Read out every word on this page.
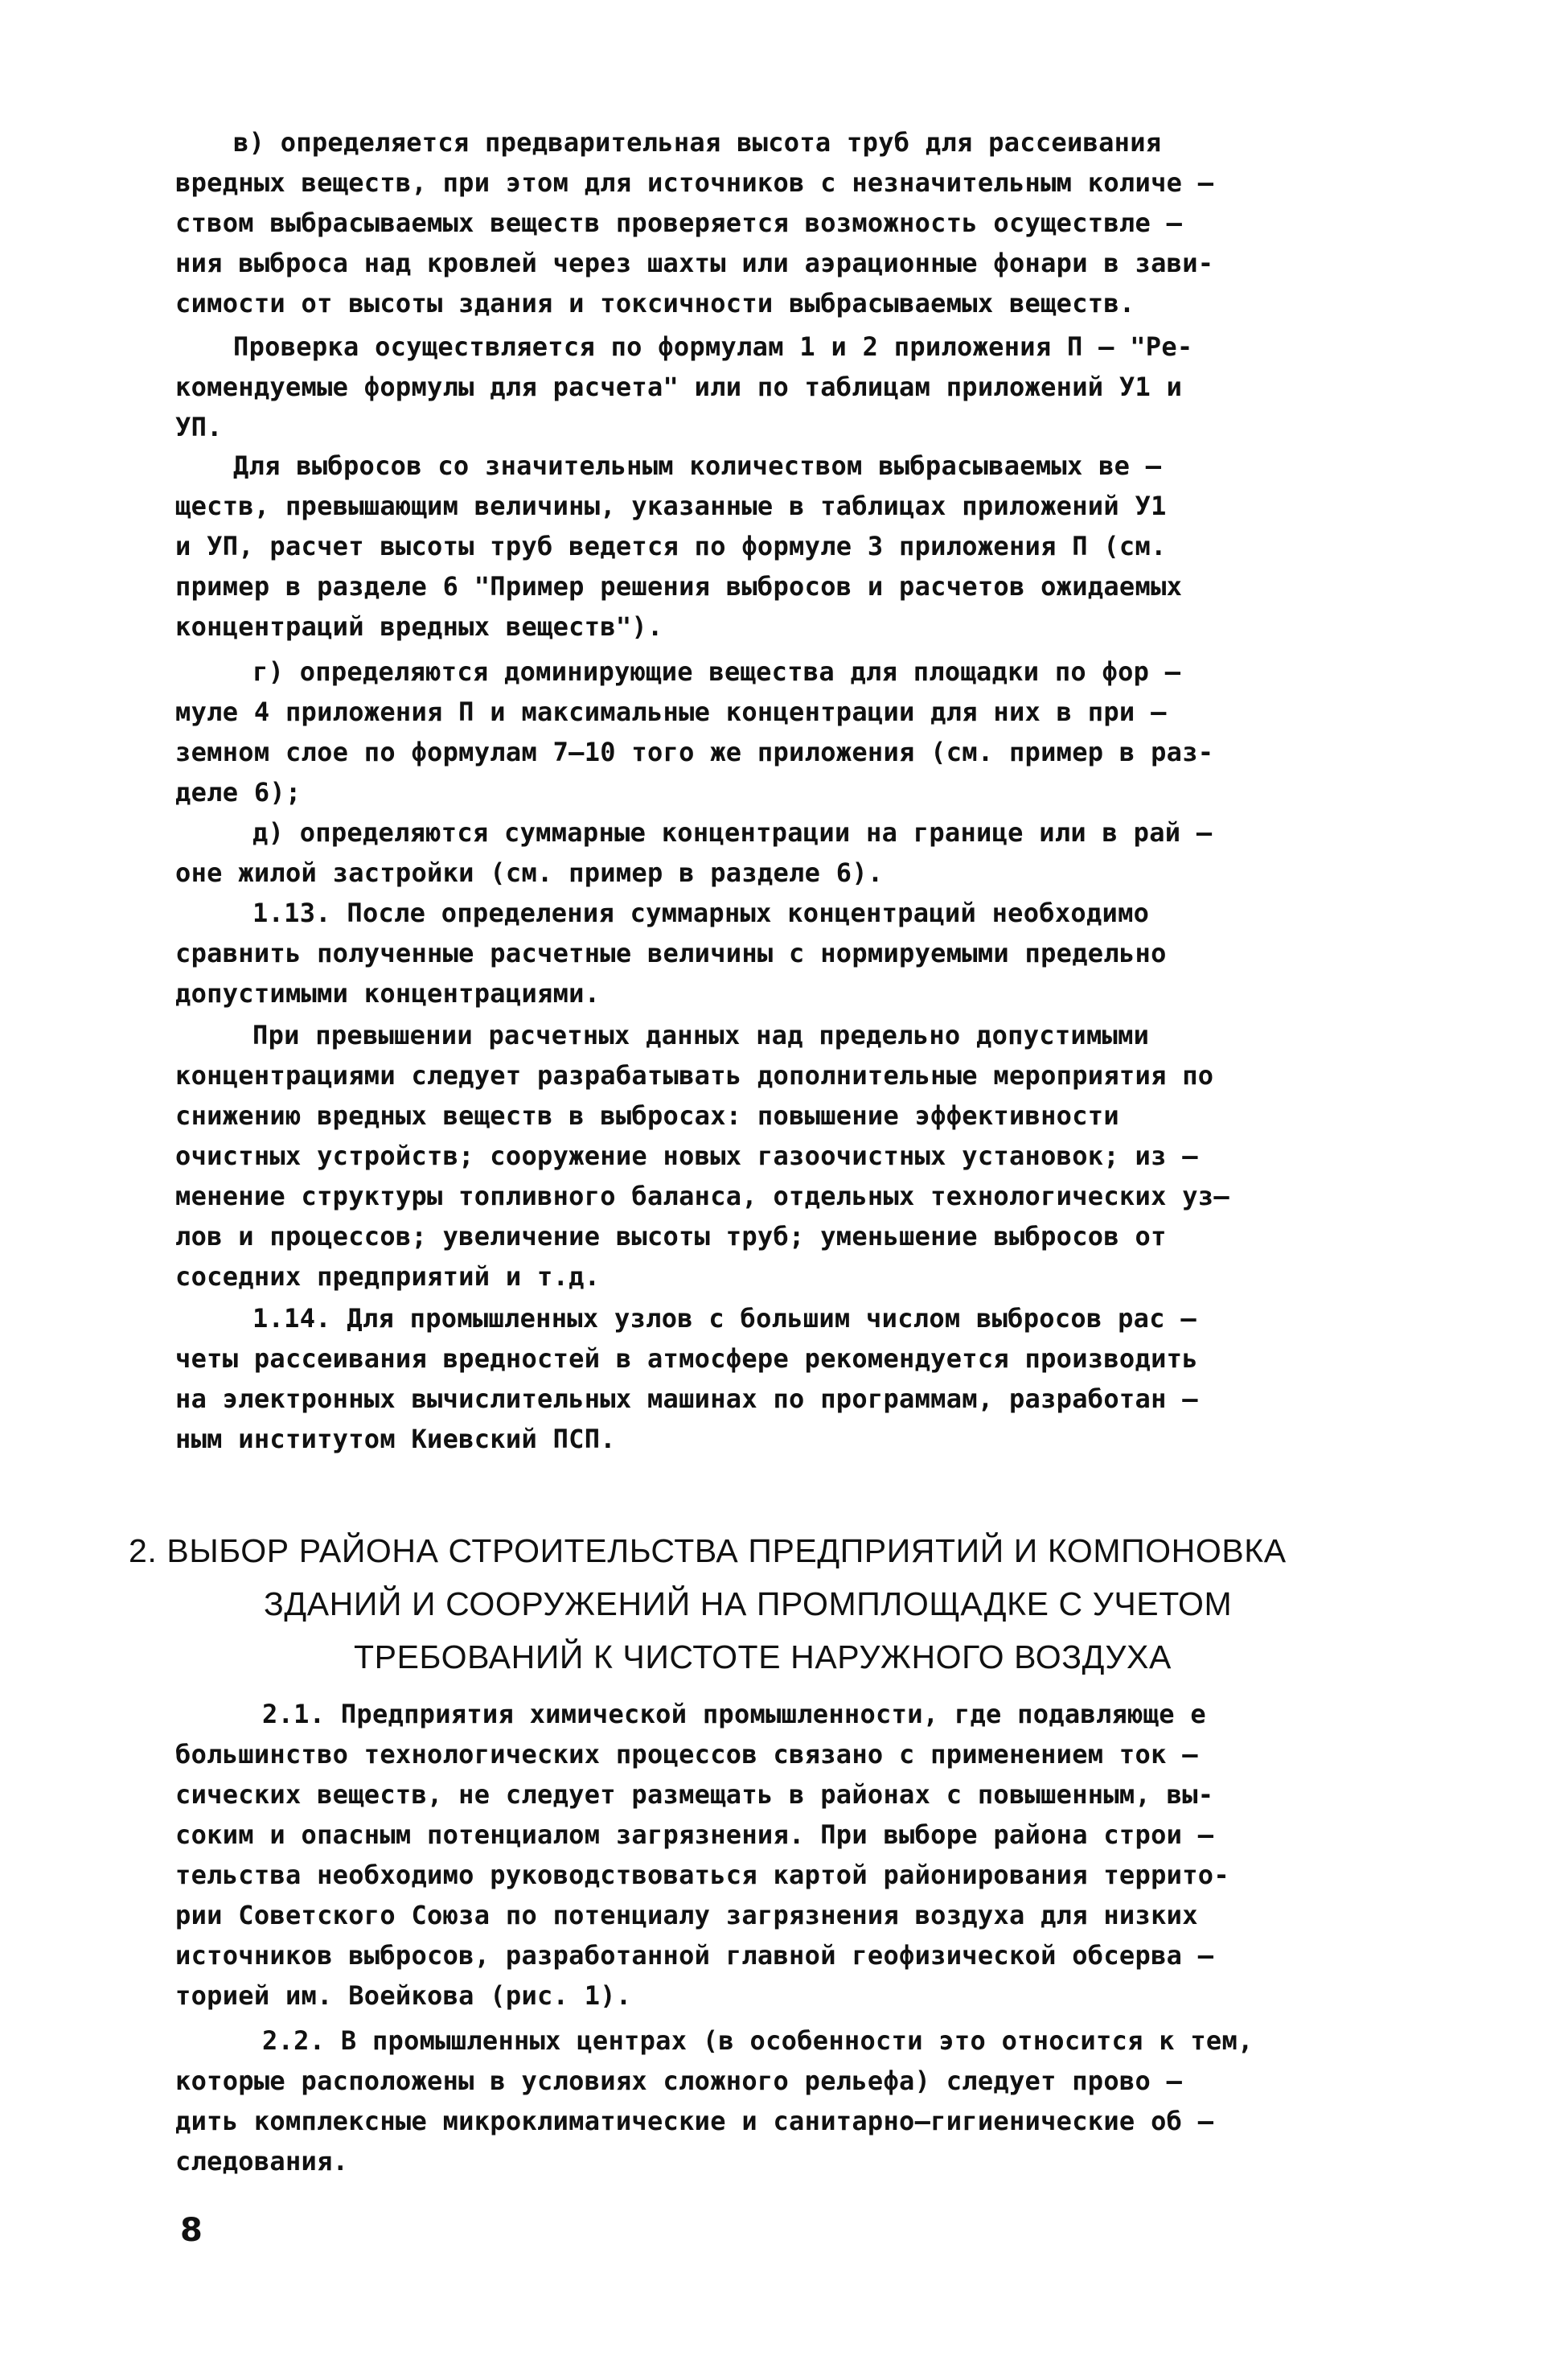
в) определяется предварительная высота труб для рассеивания
вредных веществ, при этом для источников с незначительным количе –
ством выбрасываемых веществ проверяется возможность осуществле –
ния выброса над кровлей через шахты или аэрационные фонари в зави-
симости от высоты здания и токсичности выбрасываемых веществ.
Проверка осуществляется по формулам 1 и 2 приложения П – "Ре-
комендуемые формулы для расчета" или по таблицам приложений У1 и
УП.
Для выбросов со значительным количеством выбрасываемых ве –
ществ, превышающим величины, указанные в таблицах приложений У1
и УП, расчет высоты труб ведется по формуле 3 приложения П (см.
пример в разделе 6 "Пример решения выбросов и расчетов ожидаемых
концентраций вредных веществ").
г) определяются доминирующие вещества для площадки по фор –
муле 4 приложения П и максимальные концентрации для них в при –
земном слое по формулам 7–10 того же приложения (см. пример в раз-
деле 6);
д) определяются суммарные концентрации на границе или в рай –
оне жилой застройки (см. пример в разделе 6).
1.13. После определения суммарных концентраций необходимо
сравнить полученные расчетные величины с нормируемыми предельно
допустимыми концентрациями.
При превышении расчетных данных над предельно допустимыми
концентрациями следует разрабатывать дополнительные мероприятия по
снижению вредных веществ в выбросах: повышение эффективности
очистных устройств; сооружение новых газоочистных установок; из –
менение структуры топливного баланса, отдельных технологических уз–
лов и процессов; увеличение высоты труб; уменьшение выбросов от
соседних предприятий и т.д.
1.14. Для промышленных узлов с большим числом выбросов рас –
четы рассеивания вредностей в атмосфере рекомендуется производить
на электронных вычислительных машинах по программам, разработан –
ным институтом Киевский ПСП.
2. ВЫБОР РАЙОНА СТРОИТЕЛЬСТВА ПРЕДПРИЯТИЙ И КОМПОНОВКА
ЗДАНИЙ И СООРУЖЕНИЙ НА ПРОМПЛОЩАДКЕ С УЧЕТОМ
ТРЕБОВАНИЙ К ЧИСТОТЕ НАРУЖНОГО ВОЗДУХА
2.1. Предприятия химической промышленности, где подавляюще е
большинство технологических процессов связано с применением ток –
сических веществ, не следует размещать в районах с повышенным, вы-
соким и опасным потенциалом загрязнения. При выборе района строи –
тельства необходимо руководствоваться картой районирования террито-
рии Советского Союза по потенциалу загрязнения воздуха для низких
источников выбросов, разработанной главной геофизической обсерва –
торией им. Воейкова (рис. 1).
2.2. В промышленных центрах (в особенности это относится к тем,
которые расположены в условиях сложного рельефа) следует прово –
дить комплексные микроклиматические и санитарно–гигиенические об –
следования.
8
